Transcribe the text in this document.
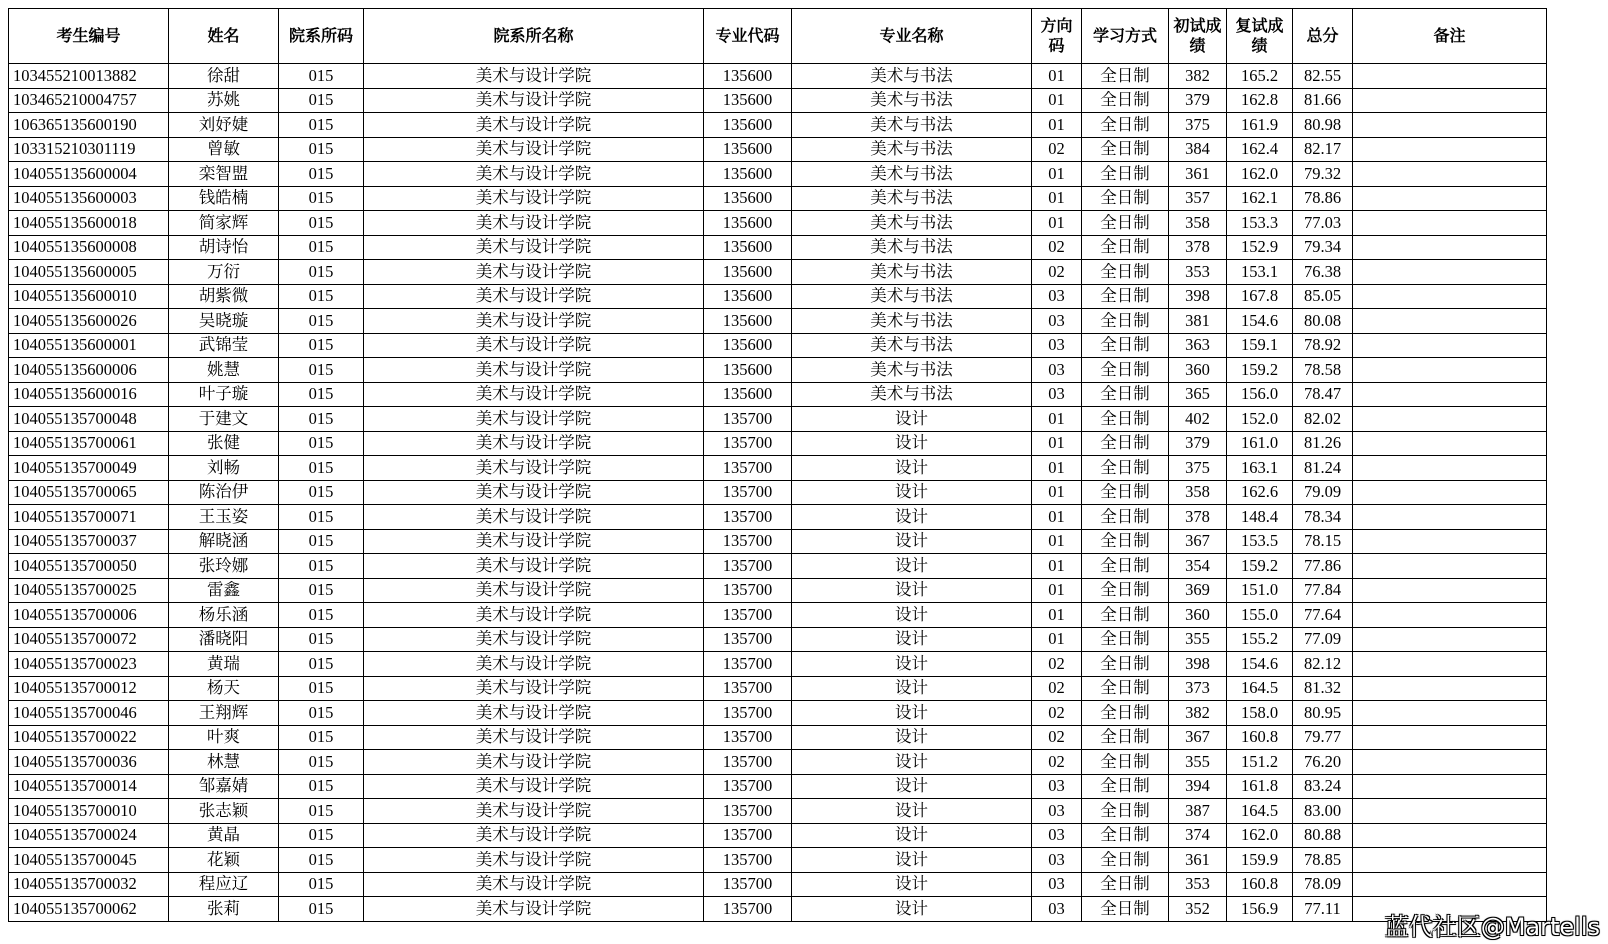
考生编号	姓名	院系所码	院系所名称	专业代码	专业名称	方向码	学习方式	初试成绩	复试成绩	总分	备注
103455210013882	徐甜	015	美术与设计学院	135600	美术与书法	01	全日制	382	165.2	82.55	
103465210004757	苏姚	015	美术与设计学院	135600	美术与书法	01	全日制	379	162.8	81.66	
106365135600190	刘妤婕	015	美术与设计学院	135600	美术与书法	01	全日制	375	161.9	80.98	
103315210301119	曾敏	015	美术与设计学院	135600	美术与书法	02	全日制	384	162.4	82.17	
104055135600004	栾智盟	015	美术与设计学院	135600	美术与书法	01	全日制	361	162.0	79.32	
104055135600003	钱皓楠	015	美术与设计学院	135600	美术与书法	01	全日制	357	162.1	78.86	
104055135600018	简家辉	015	美术与设计学院	135600	美术与书法	01	全日制	358	153.3	77.03	
104055135600008	胡诗怡	015	美术与设计学院	135600	美术与书法	02	全日制	378	152.9	79.34	
104055135600005	万衍	015	美术与设计学院	135600	美术与书法	02	全日制	353	153.1	76.38	
104055135600010	胡紫微	015	美术与设计学院	135600	美术与书法	03	全日制	398	167.8	85.05	
104055135600026	吴晓璇	015	美术与设计学院	135600	美术与书法	03	全日制	381	154.6	80.08	
104055135600001	武锦莹	015	美术与设计学院	135600	美术与书法	03	全日制	363	159.1	78.92	
104055135600006	姚慧	015	美术与设计学院	135600	美术与书法	03	全日制	360	159.2	78.58	
104055135600016	叶子璇	015	美术与设计学院	135600	美术与书法	03	全日制	365	156.0	78.47	
104055135700048	于建文	015	美术与设计学院	135700	设计	01	全日制	402	152.0	82.02	
104055135700061	张健	015	美术与设计学院	135700	设计	01	全日制	379	161.0	81.26	
104055135700049	刘畅	015	美术与设计学院	135700	设计	01	全日制	375	163.1	81.24	
104055135700065	陈治伊	015	美术与设计学院	135700	设计	01	全日制	358	162.6	79.09	
104055135700071	王玉姿	015	美术与设计学院	135700	设计	01	全日制	378	148.4	78.34	
104055135700037	解晓涵	015	美术与设计学院	135700	设计	01	全日制	367	153.5	78.15	
104055135700050	张玲娜	015	美术与设计学院	135700	设计	01	全日制	354	159.2	77.86	
104055135700025	雷鑫	015	美术与设计学院	135700	设计	01	全日制	369	151.0	77.84	
104055135700006	杨乐涵	015	美术与设计学院	135700	设计	01	全日制	360	155.0	77.64	
104055135700072	潘晓阳	015	美术与设计学院	135700	设计	01	全日制	355	155.2	77.09	
104055135700023	黄瑞	015	美术与设计学院	135700	设计	02	全日制	398	154.6	82.12	
104055135700012	杨天	015	美术与设计学院	135700	设计	02	全日制	373	164.5	81.32	
104055135700046	王翔辉	015	美术与设计学院	135700	设计	02	全日制	382	158.0	80.95	
104055135700022	叶爽	015	美术与设计学院	135700	设计	02	全日制	367	160.8	79.77	
104055135700036	林慧	015	美术与设计学院	135700	设计	02	全日制	355	151.2	76.20	
104055135700014	邹嘉婧	015	美术与设计学院	135700	设计	03	全日制	394	161.8	83.24	
104055135700010	张志颖	015	美术与设计学院	135700	设计	03	全日制	387	164.5	83.00	
104055135700024	黄晶	015	美术与设计学院	135700	设计	03	全日制	374	162.0	80.88	
104055135700045	花颖	015	美术与设计学院	135700	设计	03	全日制	361	159.9	78.85	
104055135700032	程应辽	015	美术与设计学院	135700	设计	03	全日制	353	160.8	78.09	
104055135700062	张莉	015	美术与设计学院	135700	设计	03	全日制	352	156.9	77.11	
蓝代社区@Martells
